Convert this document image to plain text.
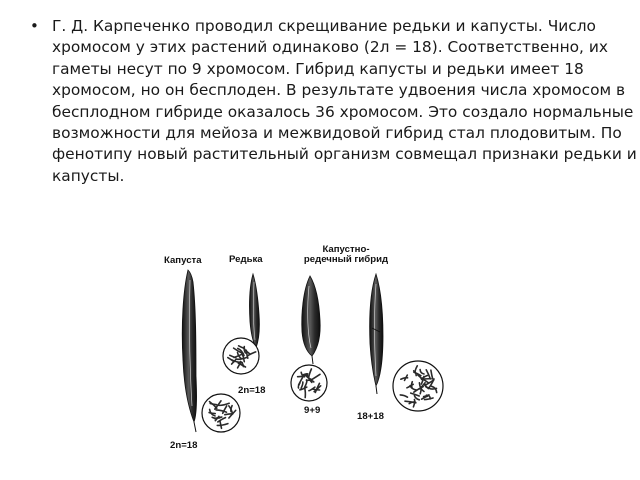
• Г. Д. Карпеченко проводил скрещивание редьки и капусты. Число хромосом у этих растений одинаково (2л = 18). Соответственно, их гаметы несут по 9 хромосом. Гибрид капусты и редьки имеет 18 хромосом, но он бесплоден. В результате удвоения числа хромосом в бесплодном гибриде оказалось 36 хромосом. Это создало нормальные возможности для мейоза и межвидовой гибрид стал плодовитым. По фенотипу новый растительный организм совмещал признаки редьки и капусты.
Капуста	Редька
Капустно-
редечный гибрид
2n=18
9+9
18+18
2n=18
